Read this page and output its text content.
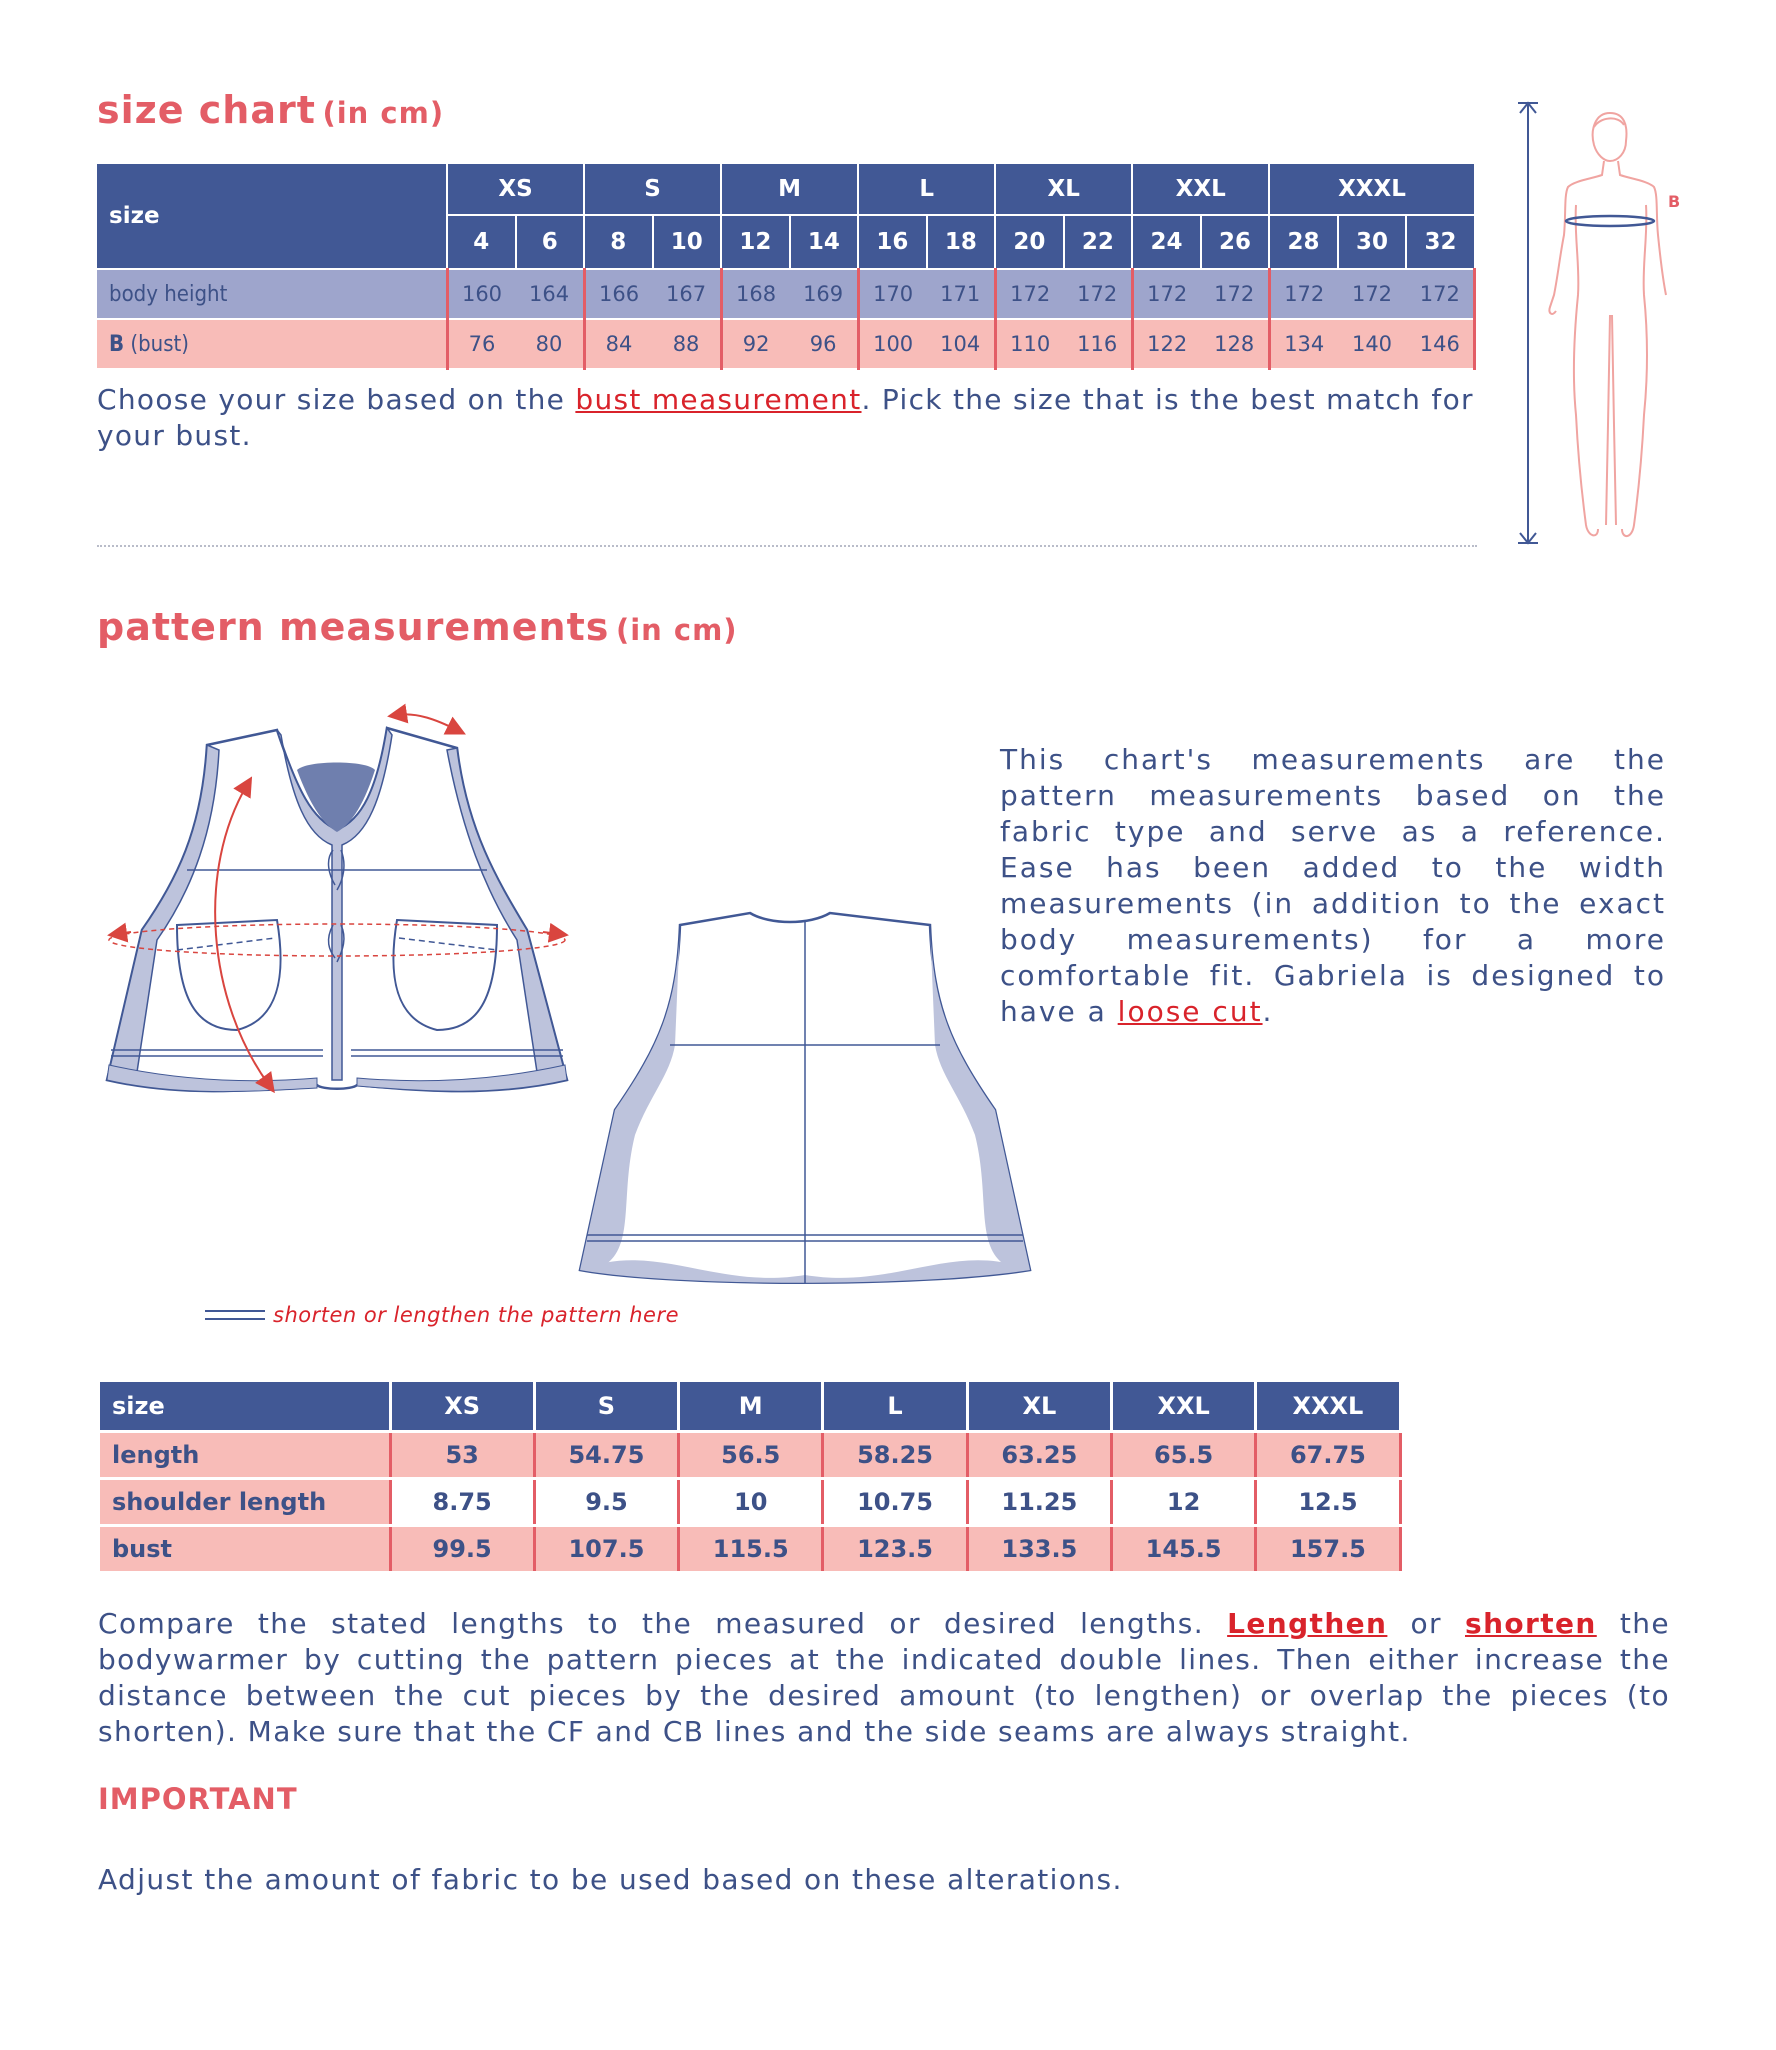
size chart (in cm)
size	XS		S		M		L		XL		XXL		XXXL		
	4	6	8	10	12	14	16	18	20	22	24	26	28	30	32
body height	160	164	166	167	168	169	170	171	172	172	172	172	172	172	172
B (bust)	76	80	84	88	92	96	100	104	110	116	122	128	134	140	146
Choose your size based on the bust measurement. Pick the size that is the best match for your bust.
B
pattern measurements (in cm)
This chart's measurements are the pattern measurements based on the fabric type and serve as a reference. Ease has been added to the width measurements (in addition to the exact body measurements) for a more comfortable fit. Gabriela is designed to have a loose cut.
shorten or lengthen the pattern here
size	XS	S	M	L	XL	XXL	XXXL
length	53	54.75	56.5	58.25	63.25	65.5	67.75
shoulder length	8.75	9.5	10	10.75	11.25	12	12.5
bust	99.5	107.5	115.5	123.5	133.5	145.5	157.5
Compare the stated lengths to the measured or desired lengths. Lengthen or shorten the bodywarmer by cutting the pattern pieces at the indicated double lines. Then either increase the distance between the cut pieces by the desired amount (to lengthen) or overlap the pieces (to shorten). Make sure that the CF and CB lines and the side seams are always straight.
IMPORTANT
Adjust the amount of fabric to be used based on these alterations.
